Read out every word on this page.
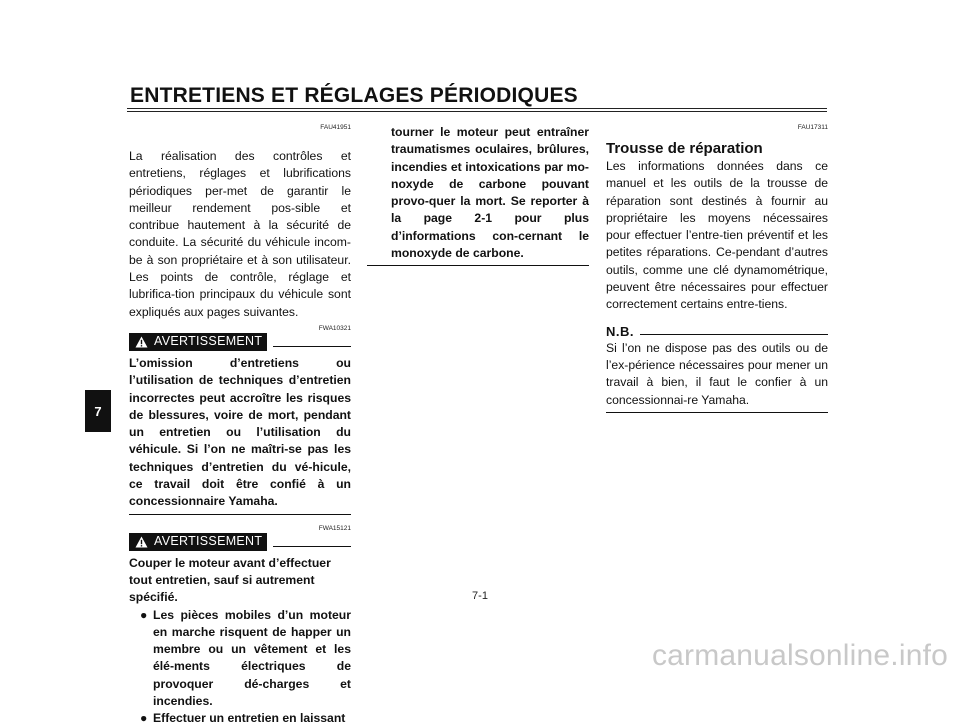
ENTRETIENS ET RÉGLAGES PÉRIODIQUES
7
FAU41951
La réalisation des contrôles et entretiens, réglages et lubrifications périodiques per-met de garantir le meilleur rendement pos-sible et contribue hautement à la sécurité de conduite. La sécurité du véhicule incom-be à son propriétaire et à son utilisateur. Les points de contrôle, réglage et lubrifica-tion principaux du véhicule sont expliqués aux pages suivantes.
FWA10321
AVERTISSEMENT
L’omission d’entretiens ou l’utilisation de techniques d’entretien incorrectes peut accroître les risques de blessures, voire de mort, pendant un entretien ou l’utilisation du véhicule. Si l’on ne maîtri-se pas les techniques d’entretien du vé-hicule, ce travail doit être confié à un concessionnaire Yamaha.
FWA15121
AVERTISSEMENT
Couper le moteur avant d’effectuer tout entretien, sauf si autrement spécifié.
● Les pièces mobiles d’un moteur en marche risquent de happer un membre ou un vêtement et les élé-ments électriques de provoquer dé-charges et incendies.
● Effectuer un entretien en laissant
tourner le moteur peut entraîner traumatismes oculaires, brûlures, incendies et intoxications par mo-noxyde de carbone pouvant provo-quer la mort. Se reporter à la page 2-1 pour plus d’informations con-cernant le monoxyde de carbone.
FAU17311
Trousse de réparation
Les informations données dans ce manuel et les outils de la trousse de réparation sont destinés à fournir au propriétaire les moyens nécessaires pour effectuer l’entre-tien préventif et les petites réparations. Ce-pendant d’autres outils, comme une clé dynamométrique, peuvent être nécessaires pour effectuer correctement certains entre-tiens.
N.B.
Si l’on ne dispose pas des outils ou de l’ex-périence nécessaires pour mener un travail à bien, il faut le confier à un concessionnai-re Yamaha.
7-1
carmanualsonline.info
